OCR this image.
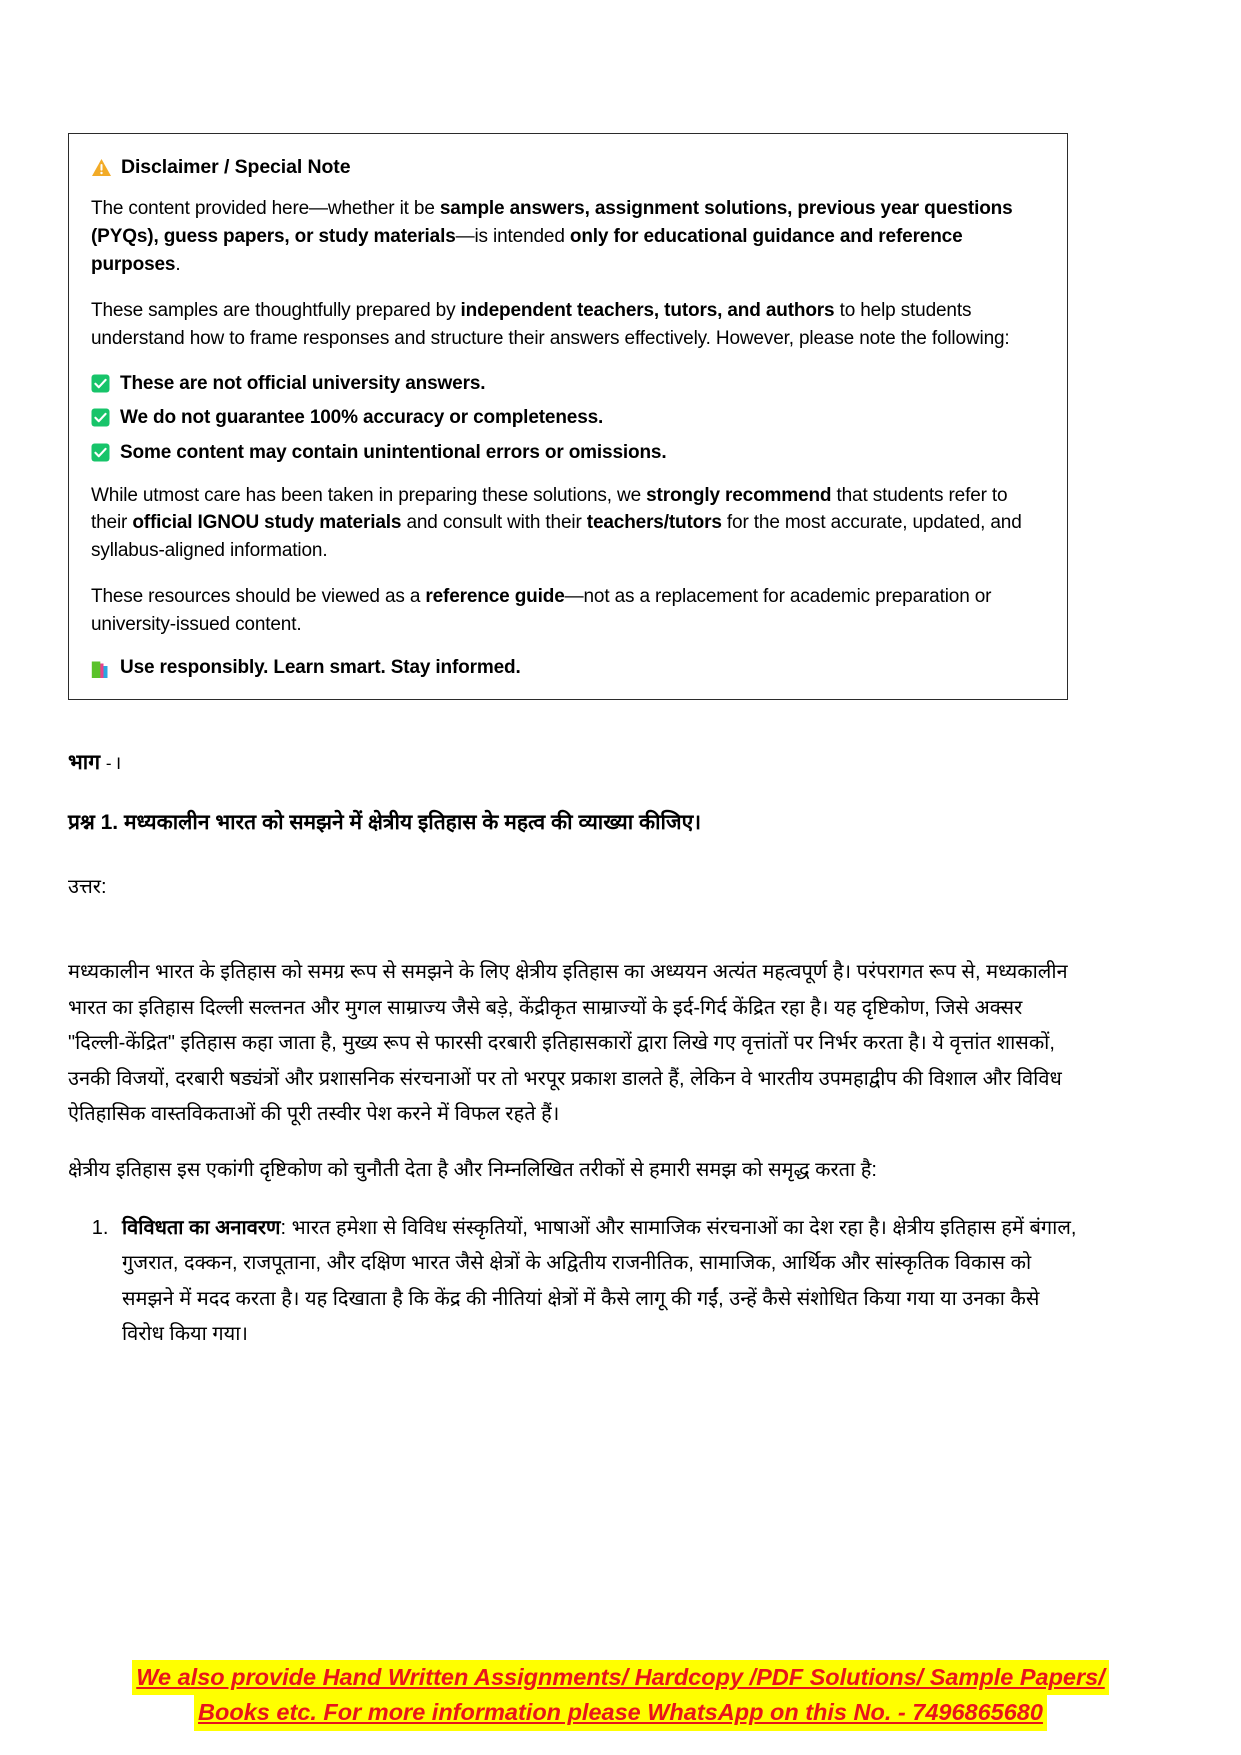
Disclaimer / Special Note

The content provided here—whether it be sample answers, assignment solutions, previous year questions (PYQs), guess papers, or study materials—is intended only for educational guidance and reference purposes.

These samples are thoughtfully prepared by independent teachers, tutors, and authors to help students understand how to frame responses and structure their answers effectively. However, please note the following:

These are not official university answers.
We do not guarantee 100% accuracy or completeness.
Some content may contain unintentional errors or omissions.

While utmost care has been taken in preparing these solutions, we strongly recommend that students refer to their official IGNOU study materials and consult with their teachers/tutors for the most accurate, updated, and syllabus-aligned information.

These resources should be viewed as a reference guide—not as a replacement for academic preparation or university-issued content.

Use responsibly. Learn smart. Stay informed.
भाग - I
प्रश्न 1. मध्यकालीन भारत को समझने में क्षेत्रीय इतिहास के महत्व की व्याख्या कीजिए।
उत्तर:

मध्यकालीन भारत के इतिहास को समग्र रूप से समझने के लिए क्षेत्रीय इतिहास का अध्ययन अत्यंत महत्वपूर्ण है। परंपरागत रूप से, मध्यकालीन भारत का इतिहास दिल्ली सल्तनत और मुगल साम्राज्य जैसे बड़े, केंद्रीकृत साम्राज्यों के इर्द-गिर्द केंद्रित रहा है। यह दृष्टिकोण, जिसे अक्सर "दिल्ली-केंद्रित" इतिहास कहा जाता है, मुख्य रूप से फारसी दरबारी इतिहासकारों द्वारा लिखे गए वृत्तांतों पर निर्भर करता है। ये वृत्तांत शासकों, उनकी विजयों, दरबारी षड्यंत्रों और प्रशासनिक संरचनाओं पर तो भरपूर प्रकाश डालते हैं, लेकिन वे भारतीय उपमहाद्वीप की विशाल और विविध ऐतिहासिक वास्तविकताओं की पूरी तस्वीर पेश करने में विफल रहते हैं।

क्षेत्रीय इतिहास इस एकांगी दृष्टिकोण को चुनौती देता है और निम्नलिखित तरीकों से हमारी समझ को समृद्ध करता है:

1. विविधता का अनावरण: भारत हमेशा से विविध संस्कृतियों, भाषाओं और सामाजिक संरचनाओं का देश रहा है। क्षेत्रीय इतिहास हमें बंगाल, गुजरात, दक्कन, राजपूताना, और दक्षिण भारत जैसे क्षेत्रों के अद्वितीय राजनीतिक, सामाजिक, आर्थिक और सांस्कृतिक विकास को समझने में मदद करता है। यह दिखाता है कि केंद्र की नीतियां क्षेत्रों में कैसे लागू की गईं, उन्हें कैसे संशोधित किया गया या उनका कैसे विरोध किया गया।
We also provide Hand Written Assignments/ Hardcopy /PDF Solutions/ Sample Papers/
Books etc. For more information please WhatsApp on this No. - 7496865680
